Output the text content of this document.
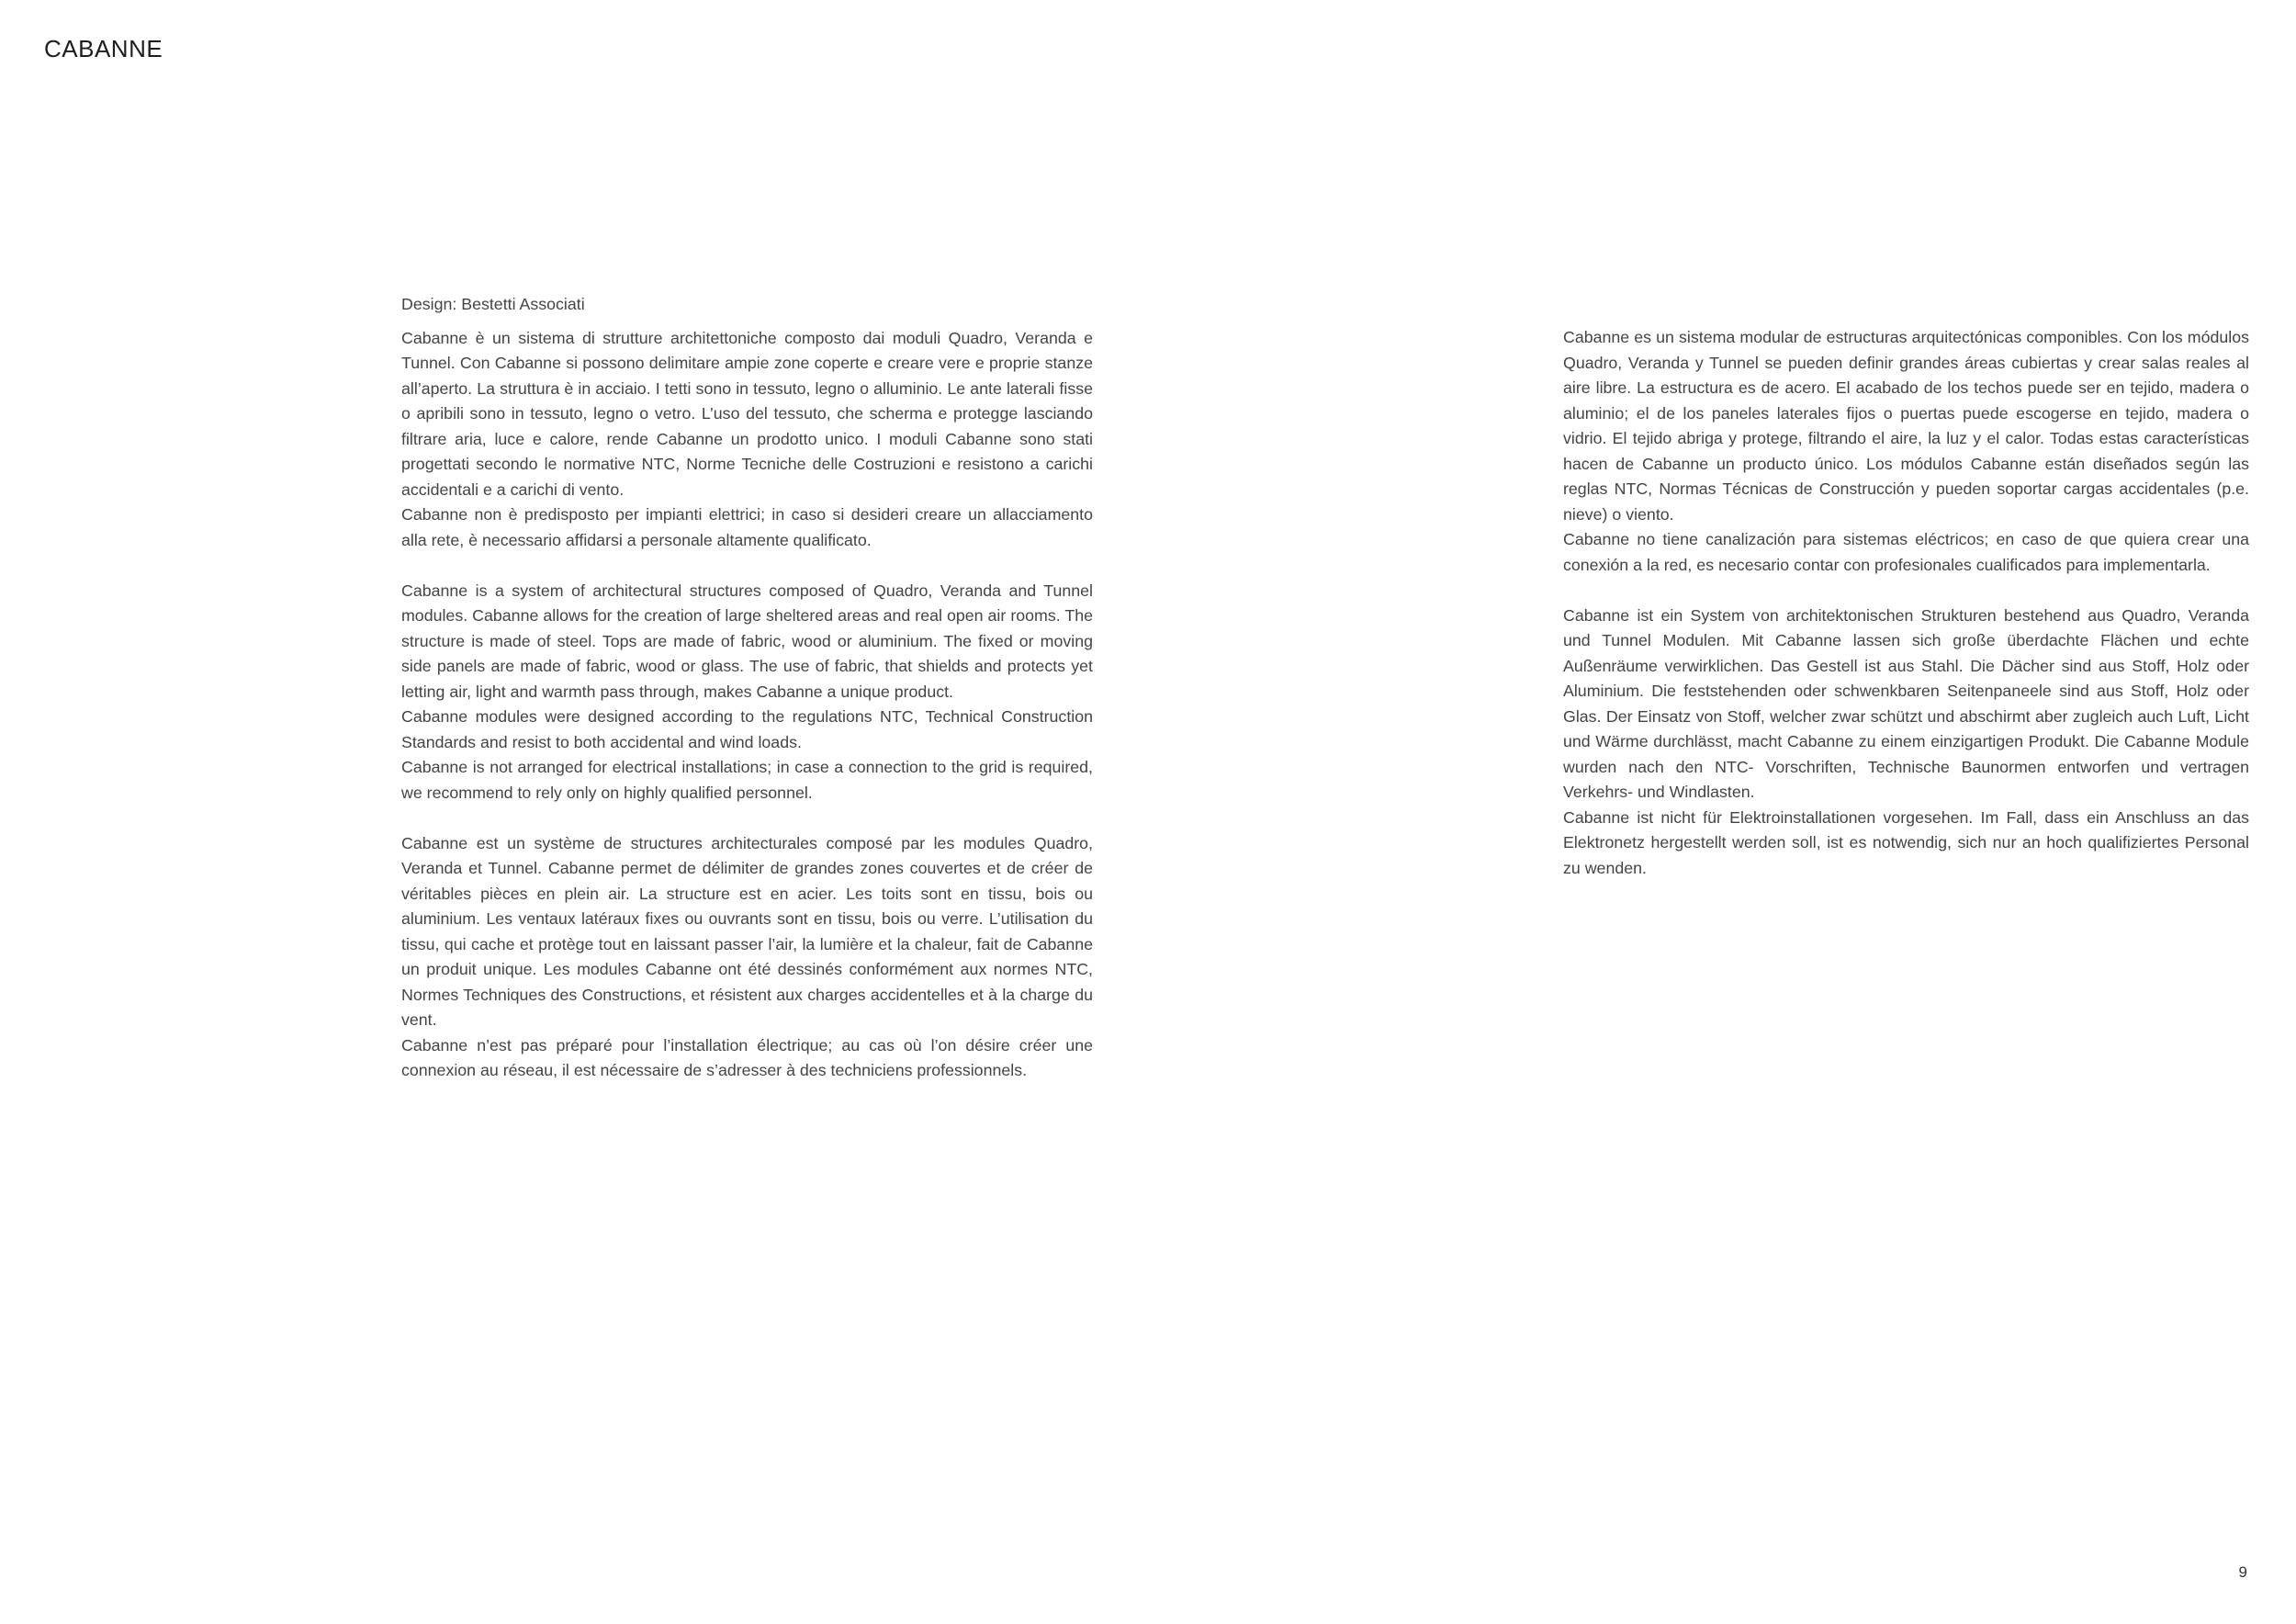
CABANNE

Design: Bestetti Associati

Cabanne è un sistema di strutture architettoniche composto dai moduli Quadro, Veranda e Tunnel. Con Cabanne si possono delimitare ampie zone coperte e creare vere e proprie stanze all’aperto. La struttura è in acciaio. I tetti sono in tessuto, legno o alluminio. Le ante laterali fisse o apribili sono in tessuto, legno o vetro. L’uso del tessuto, che scherma e protegge lasciando filtrare aria, luce e calore, rende Cabanne un prodotto unico. I moduli Cabanne sono stati progettati secondo le normative NTC, Norme Tecniche delle Costruzioni e resistono a carichi accidentali e a carichi di vento.

Cabanne non è predisposto per impianti elettrici; in caso si desideri creare un allacciamento alla rete, è necessario affidarsi a personale altamente qualificato.

Cabanne is a system of architectural structures composed of Quadro, Veranda and Tunnel modules. Cabanne allows for the creation of large sheltered areas and real open air rooms. The structure is made of steel. Tops are made of fabric, wood or aluminium. The fixed or moving side panels are made of fabric, wood or glass. The use of fabric, that shields and protects yet letting air, light and warmth pass through, makes Cabanne a unique product.

Cabanne modules were designed according to the regulations NTC, Technical Construction Standards and resist to both accidental and wind loads.

Cabanne is not arranged for electrical installations; in case a connection to the grid is required, we recommend to rely only on highly qualified personnel.

Cabanne est un système de structures architecturales composé par les modules Quadro, Veranda et Tunnel. Cabanne permet de délimiter de grandes zones couvertes et de créer de véritables pièces en plein air. La structure est en acier. Les toits sont en tissu, bois ou aluminium. Les ventaux latéraux fixes ou ouvrants sont en tissu, bois ou verre. L’utilisation du tissu, qui cache et protège tout en laissant passer l’air, la lumière et la chaleur, fait de Cabanne un produit unique. Les modules Cabanne ont été dessinés conformément aux normes NTC, Normes Techniques des Constructions, et résistent aux charges accidentelles et à la charge du vent.

Cabanne n’est pas préparé pour l’installation électrique; au cas où l’on désire créer une connexion au réseau, il est nécessaire de s’adresser à des techniciens professionnels.

Cabanne es un sistema modular de estructuras arquitectónicas componibles. Con los módulos Quadro, Veranda y Tunnel se pueden definir grandes áreas cubiertas y crear salas reales al aire libre. La estructura es de acero. El acabado de los techos puede ser en tejido, madera o aluminio; el de los paneles laterales fijos o puertas puede escogerse en tejido, madera o vidrio. El tejido abriga y protege, filtrando el aire, la luz y el calor. Todas estas características hacen de Cabanne un producto único. Los módulos Cabanne están diseñados según las reglas NTC, Normas Técnicas de Construcción y pueden soportar cargas accidentales (p.e. nieve) o viento.

Cabanne no tiene canalización para sistemas eléctricos; en caso de que quiera crear una conexión a la red, es necesario contar con profesionales cualificados para implementarla.

Cabanne ist ein System von architektonischen Strukturen bestehend aus Quadro, Veranda und Tunnel Modulen. Mit Cabanne lassen sich große überdachte Flächen und echte Außenräume verwirklichen. Das Gestell ist aus Stahl. Die Dächer sind aus Stoff, Holz oder Aluminium. Die feststehenden oder schwenkbaren Seitenpaneele sind aus Stoff, Holz oder Glas. Der Einsatz von Stoff, welcher zwar schützt und abschirmt aber zugleich auch Luft, Licht und Wärme durchlässt, macht Cabanne zu einem einzigartigen Produkt. Die Cabanne Module wurden nach den NTC- Vorschriften, Technische Baunormen entworfen und vertragen Verkehrs- und Windlasten.

Cabanne ist nicht für Elektroinstallationen vorgesehen. Im Fall, dass ein Anschluss an das Elektronetz hergestellt werden soll, ist es notwendig, sich nur an hoch qualifiziertes Personal zu wenden.

9
